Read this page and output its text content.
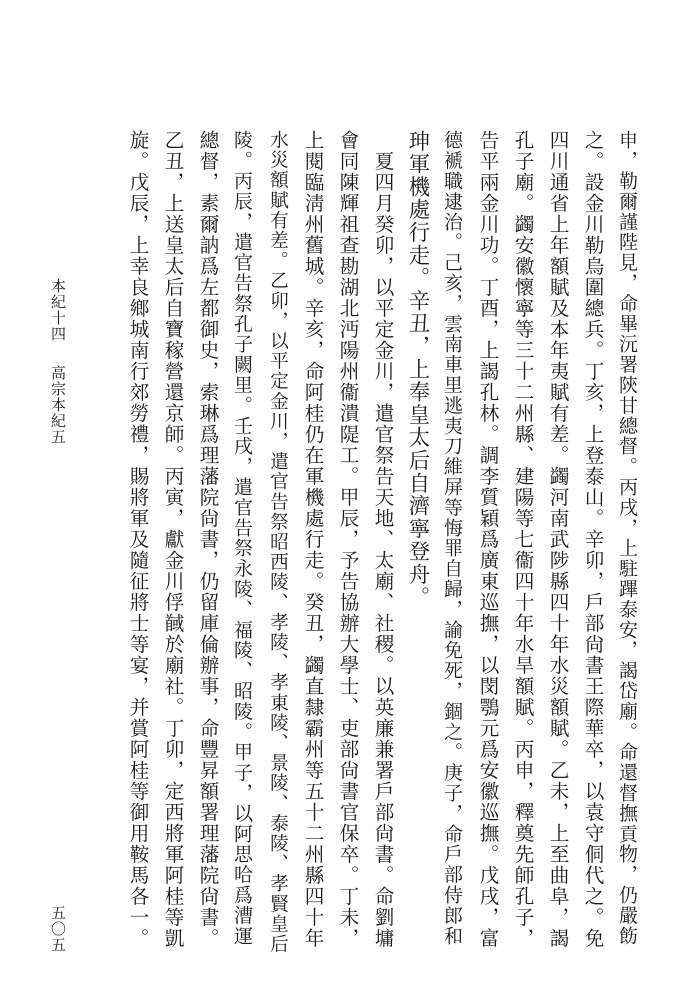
申，勒爾謹陛見，命畢沅署陝甘總督。丙戌，上駐蹕泰安，謁岱廟。命還督撫貢物，仍嚴飭
之。設金川勒烏圍總兵。丁亥，上登泰山。辛卯，戶部尙書王際華卒，以袁守侗代之。免
四川通省上年額賦及本年夷賦有差。蠲河南武陟縣四十年水災額賦。乙未，上至曲阜，謁
孔子廟。蠲安徽懷寧等三十二州縣、建陽等七衞四十年水旱額賦。丙申，釋奠先師孔子，
告平兩金川功。丁酉，上謁孔林。調李質穎爲廣東巡撫，以閔鶚元爲安徽巡撫。戊戌，富
德褫職逮治。己亥，雲南車里逃夷刀維屏等悔罪自歸，諭免死，錮之。庚子，命戶部侍郎和
珅軍機處行走。辛丑，上奉皇太后自濟寧登舟。
夏四月癸卯，以平定金川，遣官祭告天地、太廟、社稷。以英廉兼署戶部尙書。命劉墉
會同陳輝祖查勘湖北沔陽州衞潰隄工。甲辰，予告協辦大學士、吏部尙書官保卒。丁未，
上閱臨淸州舊城。辛亥，命阿桂仍在軍機處行走。癸丑，蠲直隸霸州等五十二州縣四十年
水災額賦有差。乙卯，以平定金川，遣官告祭昭西陵、孝陵、孝東陵、景陵、泰陵、孝賢皇后
陵。丙辰，遣官告祭孔子闕里。壬戌，遣官告祭永陵、福陵、昭陵。甲子，以阿思哈爲漕運
總督，素爾訥爲左都御史，索琳爲理藩院尙書，仍留庫倫辦事，命豐昇額署理藩院尙書。
乙丑，上送皇太后自寶稼營還京師。丙寅，獻金川俘馘於廟社。丁卯，定西將軍阿桂等凱
旋。戊辰，上幸良鄉城南行郊勞禮，賜將軍及隨征將士等宴，并賞阿桂等御用鞍馬各一。
本紀十四
高宗本紀五
五〇五
